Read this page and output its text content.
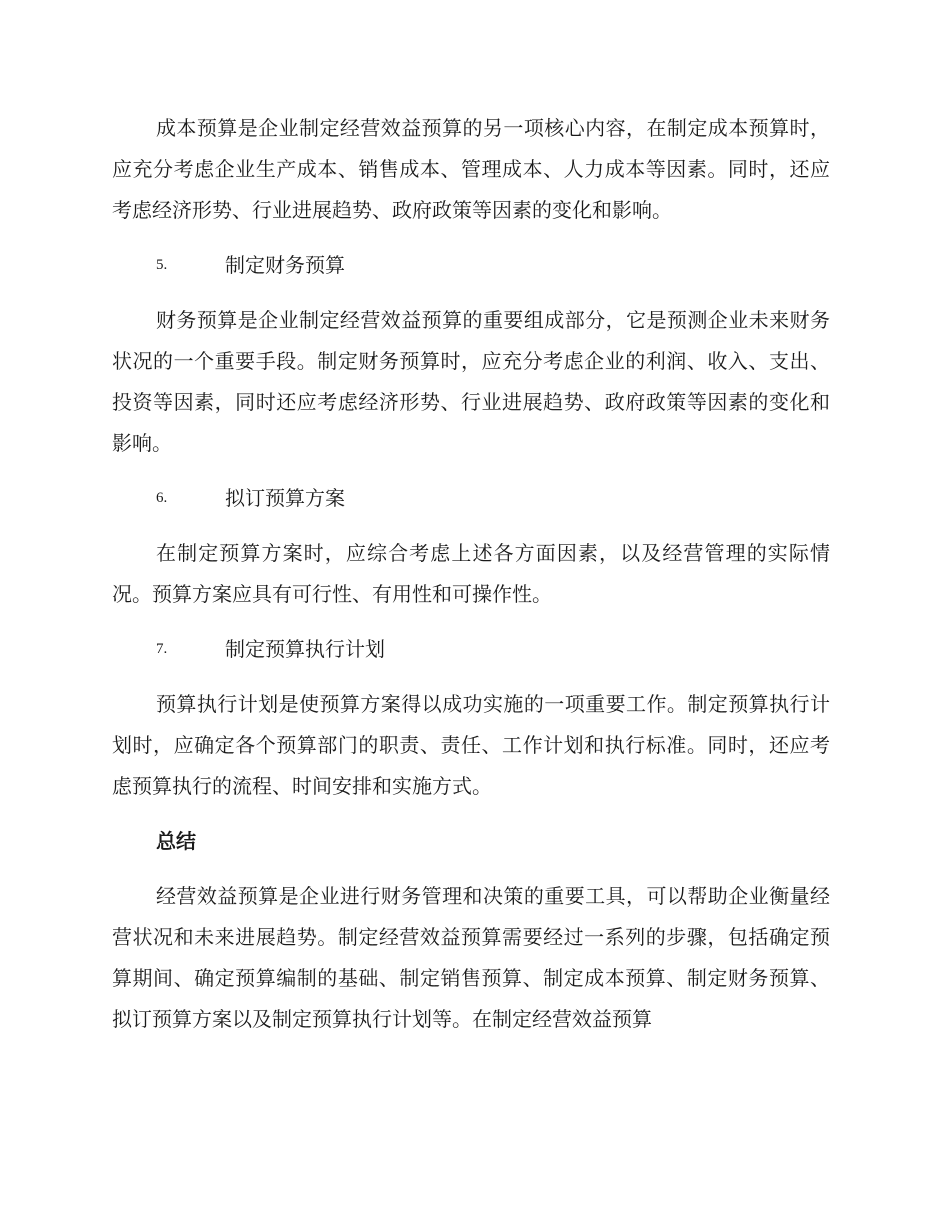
成本预算是企业制定经营效益预算的另一项核心内容，在制定成本预算时，应充分考虑企业生产成本、销售成本、管理成本、人力成本等因素。同时，还应考虑经济形势、行业进展趋势、政府政策等因素的变化和影响。

5.	制定财务预算

财务预算是企业制定经营效益预算的重要组成部分，它是预测企业未来财务状况的一个重要手段。制定财务预算时，应充分考虑企业的利润、收入、支出、投资等因素，同时还应考虑经济形势、行业进展趋势、政府政策等因素的变化和影响。

6.	拟订预算方案

在制定预算方案时，应综合考虑上述各方面因素，以及经营管理的实际情况。预算方案应具有可行性、有用性和可操作性。

7.	制定预算执行计划

预算执行计划是使预算方案得以成功实施的一项重要工作。制定预算执行计划时，应确定各个预算部门的职责、责任、工作计划和执行标准。同时，还应考虑预算执行的流程、时间安排和实施方式。

总结

经营效益预算是企业进行财务管理和决策的重要工具，可以帮助企业衡量经营状况和未来进展趋势。制定经营效益预算需要经过一系列的步骤，包括确定预算期间、确定预算编制的基础、制定销售预算、制定成本预算、制定财务预算、拟订预算方案以及制定预算执行计划等。在制定经营效益预算
